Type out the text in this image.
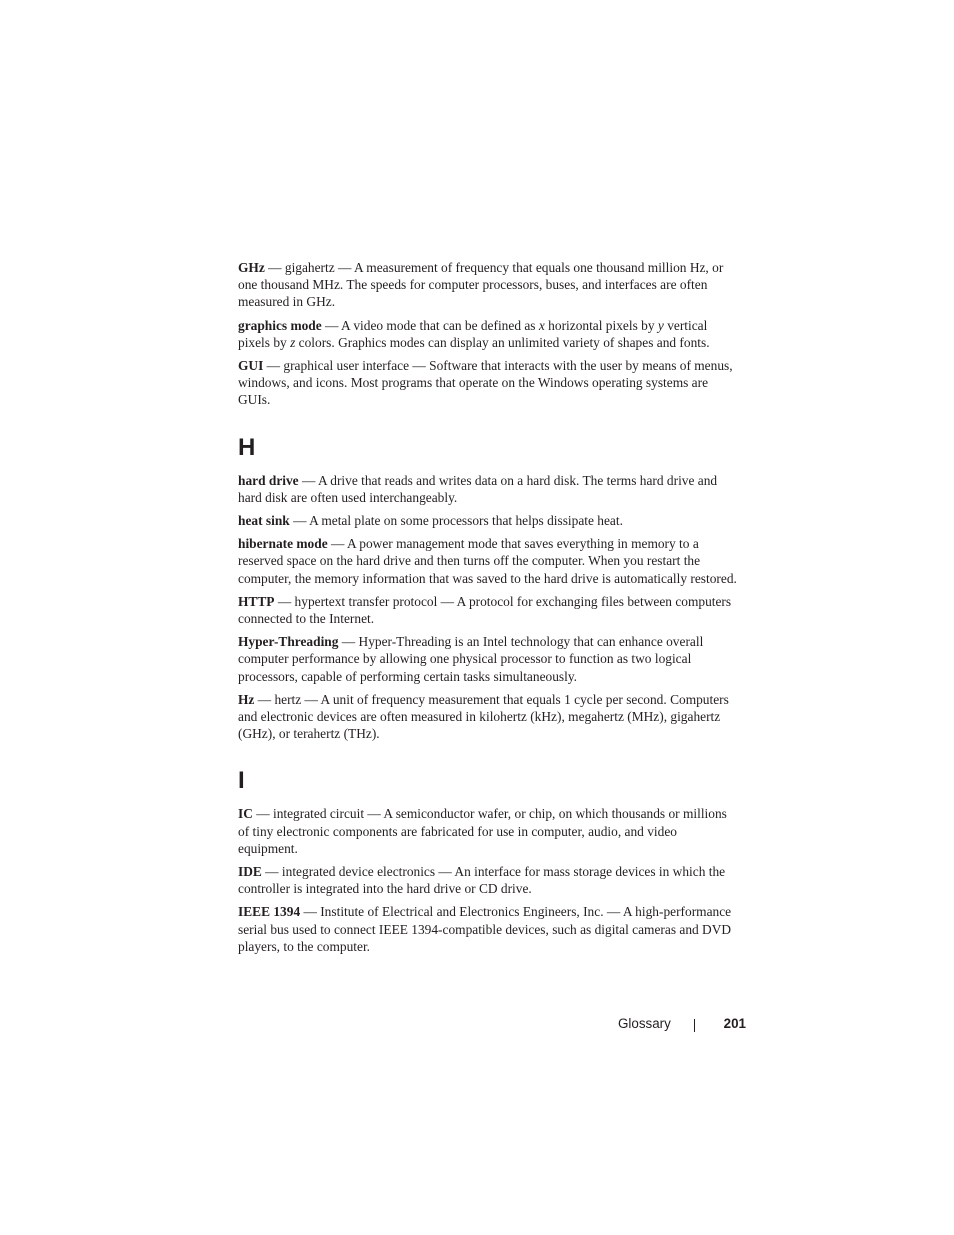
GHz — gigahertz — A measurement of frequency that equals one thousand million Hz, or one thousand MHz. The speeds for computer processors, buses, and interfaces are often measured in GHz.

graphics mode — A video mode that can be defined as x horizontal pixels by y vertical pixels by z colors. Graphics modes can display an unlimited variety of shapes and fonts.

GUI — graphical user interface — Software that interacts with the user by means of menus, windows, and icons. Most programs that operate on the Windows operating systems are GUIs.

H

hard drive — A drive that reads and writes data on a hard disk. The terms hard drive and hard disk are often used interchangeably.

heat sink — A metal plate on some processors that helps dissipate heat.

hibernate mode — A power management mode that saves everything in memory to a reserved space on the hard drive and then turns off the computer. When you restart the computer, the memory information that was saved to the hard drive is automatically restored.

HTTP — hypertext transfer protocol — A protocol for exchanging files between computers connected to the Internet.

Hyper-Threading — Hyper-Threading is an Intel technology that can enhance overall computer performance by allowing one physical processor to function as two logical processors, capable of performing certain tasks simultaneously.

Hz — hertz — A unit of frequency measurement that equals 1 cycle per second. Computers and electronic devices are often measured in kilohertz (kHz), megahertz (MHz), gigahertz (GHz), or terahertz (THz).

I

IC — integrated circuit — A semiconductor wafer, or chip, on which thousands or millions of tiny electronic components are fabricated for use in computer, audio, and video equipment.

IDE — integrated device electronics — An interface for mass storage devices in which the controller is integrated into the hard drive or CD drive.

IEEE 1394 — Institute of Electrical and Electronics Engineers, Inc. — A high-performance serial bus used to connect IEEE 1394-compatible devices, such as digital cameras and DVD players, to the computer.

Glossary	201
